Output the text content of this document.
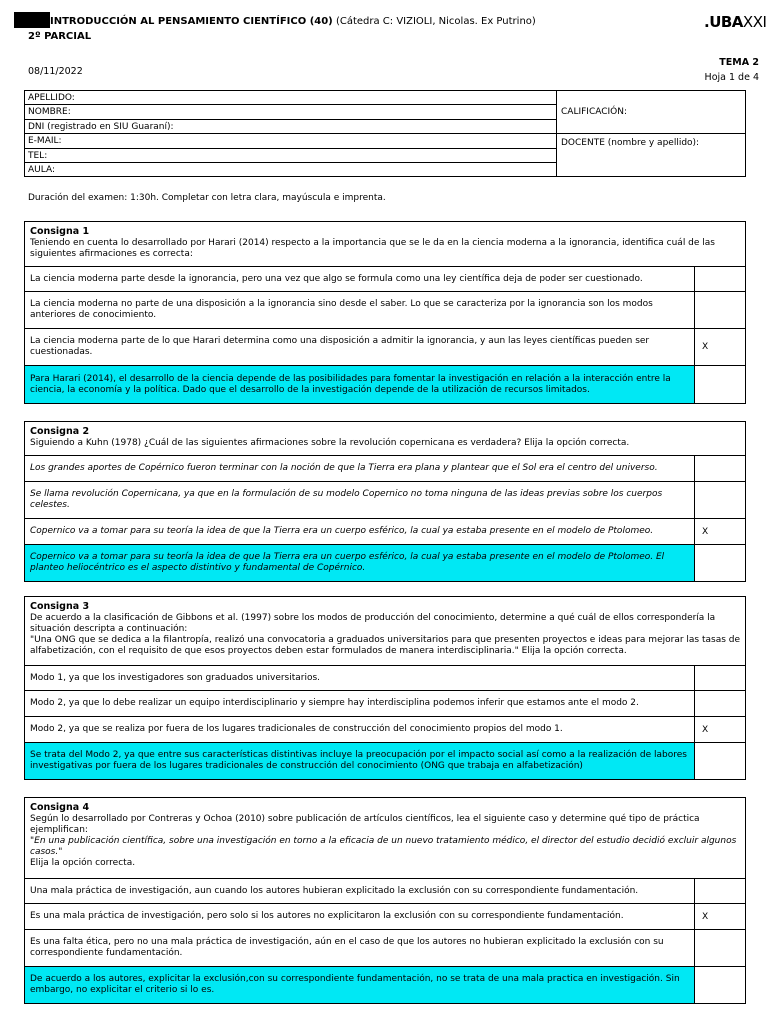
INTRODUCCIÓN AL PENSAMIENTO CIENTÍFICO (40) (Cátedra C: VIZIOLI, Nicolas. Ex Putrino)
2º PARCIAL
.UBAXXI
08/11/2022
TEMA 2
Hoja 1 de 4
APELLIDO:
NOMBRE:
DNI (registrado en SIU Guaraní):
E-MAIL:
TEL:
AULA:
CALIFICACIÓN:
DOCENTE (nombre y apellido):
Duración del examen: 1:30h. Completar con letra clara, mayúscula e imprenta.
Consigna 1
Teniendo en cuenta lo desarrollado por Harari (2014) respecto a la importancia que se le da en la ciencia moderna a la ignorancia, identifica cuál de las siguientes afirmaciones es correcta:
La ciencia moderna parte desde la ignorancia, pero una vez que algo se formula como una ley científica deja de poder ser cuestionado.
La ciencia moderna no parte de una disposición a la ignorancia sino desde el saber. Lo que se caracteriza por la ignorancia son los modos anteriores de conocimiento.
La ciencia moderna parte de lo que Harari determina como una disposición a admitir la ignorancia, y aun las leyes científicas pueden ser cuestionadas.	X
Para Harari (2014), el desarrollo de la ciencia depende de las posibilidades para fomentar la investigación en relación a la interacción entre la ciencia, la economía y la política. Dado que el desarrollo de la investigación depende de la utilización de recursos limitados.
Consigna 2
Siguiendo a Kuhn (1978) ¿Cuál de las siguientes afirmaciones sobre la revolución copernicana es verdadera? Elija la opción correcta.
Los grandes aportes de Copérnico fueron terminar con la noción de que la Tierra era plana y plantear que el Sol era el centro del universo.
Se llama revolución Copernicana, ya que en la formulación de su modelo Copernico no toma ninguna de las ideas previas sobre los cuerpos celestes.
Copernico va a tomar para su teoría la idea de que la Tierra era un cuerpo esférico, la cual ya estaba presente en el modelo de Ptolomeo.	X
Copernico va a tomar para su teoría la idea de que la Tierra era un cuerpo esférico, la cual ya estaba presente en el modelo de Ptolomeo. El planteo heliocéntrico es el aspecto distintivo y fundamental de Copérnico.
Consigna 3
De acuerdo a la clasificación de Gibbons et al. (1997) sobre los modos de producción del conocimiento, determine a qué cuál de ellos correspondería la situación descripta a continuación:
"Una ONG que se dedica a la filantropía, realizó una convocatoria a graduados universitarios para que presenten proyectos e ideas para mejorar las tasas de alfabetización, con el requisito de que esos proyectos deben estar formulados de manera interdisciplinaria." Elija la opción correcta.
Modo 1, ya que los investigadores son graduados universitarios.
Modo 2, ya que lo debe realizar un equipo interdisciplinario y siempre hay interdisciplina podemos inferir que estamos ante el modo 2.
Modo 2, ya que se realiza por fuera de los lugares tradicionales de construcción del conocimiento propios del modo 1.	X
Se trata del Modo 2, ya que entre sus características distintivas incluye la preocupación por el impacto social así como a la realización de labores investigativas por fuera de los lugares tradicionales de construcción del conocimiento (ONG que trabaja en alfabetización)
Consigna 4
Según lo desarrollado por Contreras y Ochoa (2010) sobre publicación de artículos científicos, lea el siguiente caso y determine qué tipo de práctica ejemplifican:
"En una publicación científica, sobre una investigación en torno a la eficacia de un nuevo tratamiento médico, el director del estudio decidió excluir algunos casos."
Elija la opción correcta.
Una mala práctica de investigación, aun cuando los autores hubieran explicitado la exclusión con su correspondiente fundamentación.
Es una mala práctica de investigación, pero solo si los autores no explicitaron la exclusión con su correspondiente fundamentación.	X
Es una falta ética, pero no una mala práctica de investigación, aún en el caso de que los autores no hubieran explicitado la exclusión con su correspondiente fundamentación.
De acuerdo a los autores, explicitar la exclusión,con su correspondiente fundamentación, no se trata de una mala practica en investigación. Sin embargo, no explicitar el criterio si lo es.
